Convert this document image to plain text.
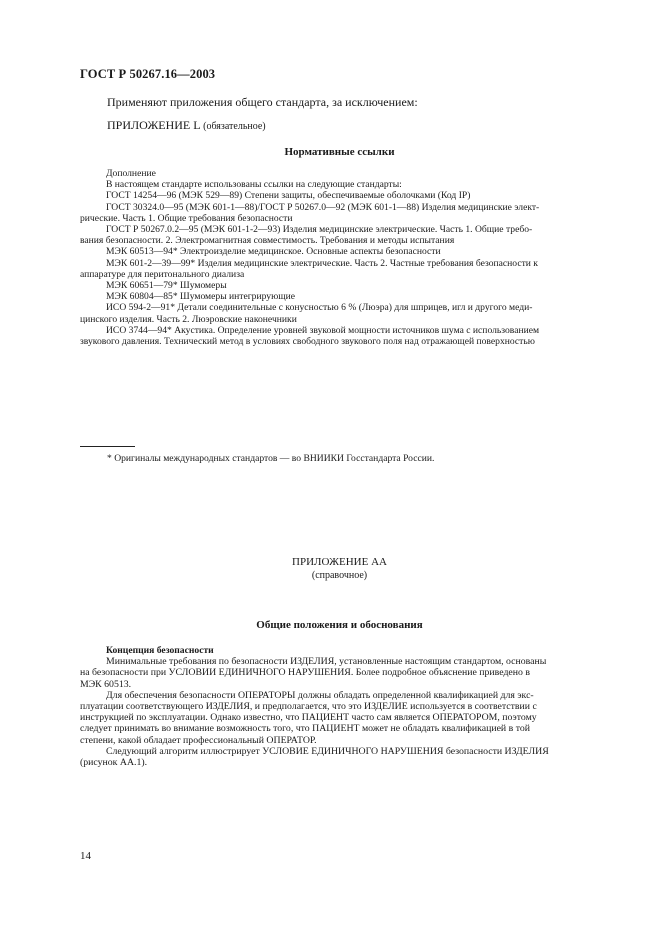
ГОСТ Р 50267.16—2003
Применяют приложения общего стандарта, за исключением:
ПРИЛОЖЕНИЕ L (обязательное)
Нормативные ссылки

Дополнение

В настоящем стандарте использованы ссылки на следующие стандарты:

ГОСТ 14254—96 (МЭК 529—89) Степени защиты, обеспечиваемые оболочками (Код IP)

ГОСТ 30324.0—95 (МЭК 601-1—88)/ГОСТ Р 50267.0—92 (МЭК 601-1—88) Изделия медицинские элект-

рические. Часть 1. Общие требования безопасности

ГОСТ Р 50267.0.2—95 (МЭК 601-1-2—93) Изделия медицинские электрические. Часть 1. Общие требо-

вания безопасности. 2. Электромагнитная совместимость. Требования и методы испытания

МЭК 60513—94* Электроизделие медицинское. Основные аспекты безопасности

МЭК 601-2—39—99* Изделия медицинские электрические. Часть 2. Частные требования безопасности к

аппаратуре для перитонального диализа

МЭК 60651—79* Шумомеры

МЭК 60804—85* Шумомеры интегрирующие

ИСО 594-2—91* Детали соединительные с конусностью 6 % (Люэра) для шприцев, игл и другого меди-

цинского изделия. Часть 2. Люэровские наконечники

ИСО 3744—94* Акустика. Определение уровней звуковой мощности источников шума с использованием

звукового давления. Технический метод в условиях свободного звукового поля над отражающей поверхностью

* Оригиналы международных стандартов — во ВНИИКИ Госстандарта России.
ПРИЛОЖЕНИЕ АА
(справочное)
Общие положения и обоснования

Концепция безопасности

Минимальные требования по безопасности ИЗДЕЛИЯ, установленные настоящим стандартом, основаны

на безопасности при УСЛОВИИ ЕДИНИЧНОГО НАРУШЕНИЯ. Более подробное объяснение приведено в

МЭК 60513.

Для обеспечения безопасности ОПЕРАТОРЫ должны обладать определенной квалификацией для экс-

плуатации соответствующего ИЗДЕЛИЯ, и предполагается, что это ИЗДЕЛИЕ используется в соответствии с

инструкцией по эксплуатации. Однако известно, что ПАЦИЕНТ часто сам является ОПЕРАТОРОМ, поэтому

следует принимать во внимание возможность того, что ПАЦИЕНТ может не обладать квалификацией в той

степени, какой обладает профессиональный ОПЕРАТОР.

Следующий алгоритм иллюстрирует УСЛОВИЕ ЕДИНИЧНОГО НАРУШЕНИЯ безопасности ИЗДЕЛИЯ

(рисунок АА.1).

14
